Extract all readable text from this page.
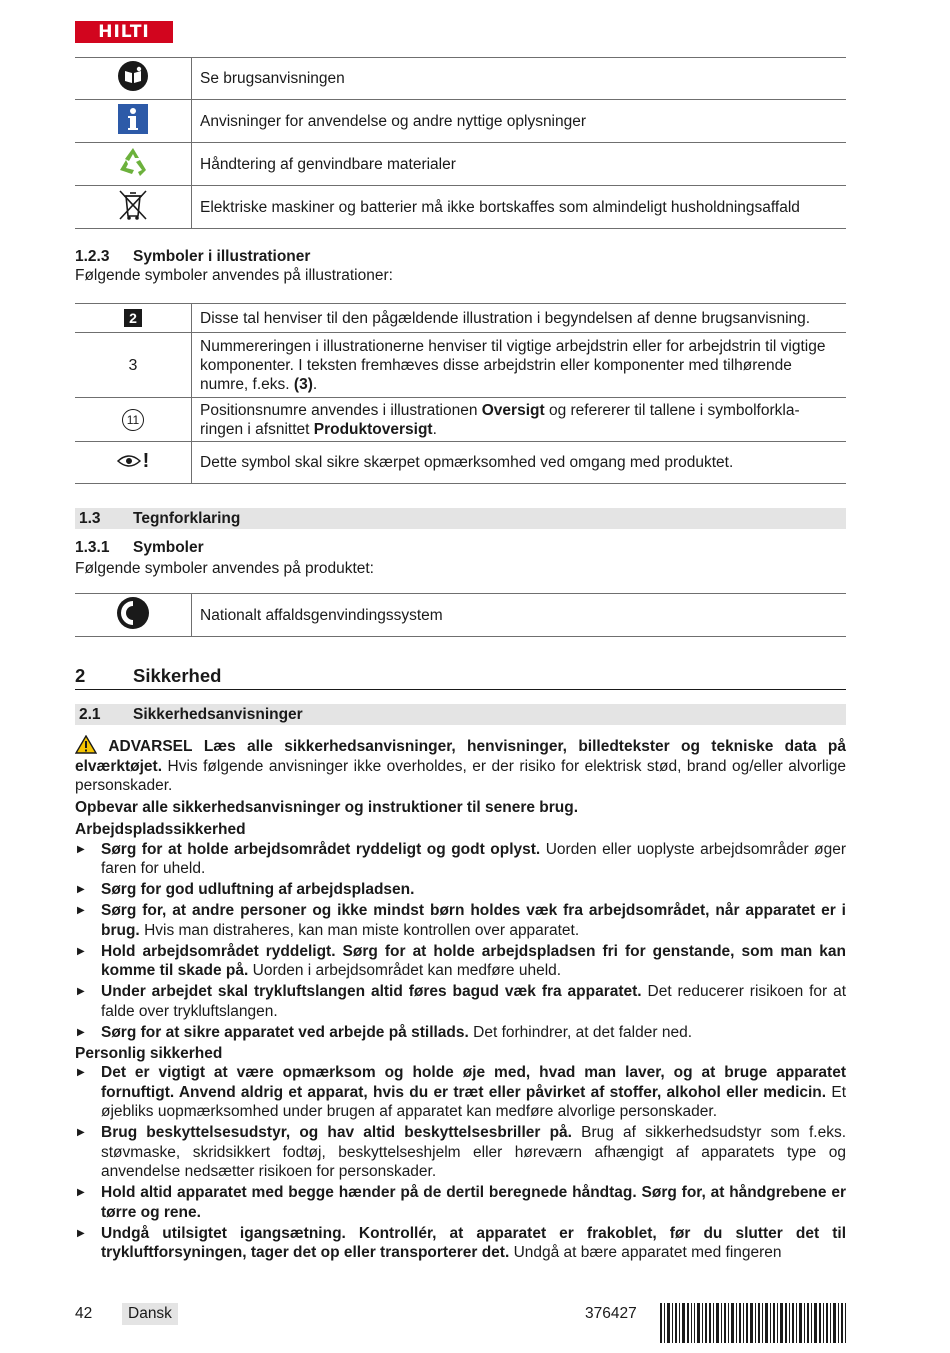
HILTI
	Se brugsanvisningen
	Anvisninger for anvendelse og andre nyttige oplysninger
	Håndtering af genvindbare materialer
	Elektriske maskiner og batterier må ikke bortskaffes som almindeligt husholdningsaffald
1.2.3	Symboler i illustrationer

Følgende symboler anvendes på illustrationer:

2	Disse tal henviser til den pågældende illustration i begyndelsen af denne brugsanvisning.
3	Nummereringen i illustrationerne henviser til vigtige arbejdstrin eller for arbejdstrin til vigtige komponenter. I teksten fremhæves disse arbejdstrin eller komponenter med tilhørende numre, f.eks. (3).
11	Positionsnumre anvendes i illustrationen Oversigt og refererer til tallene i symbolforkla-ringen i afsnittet Produktoversigt.

!	Dette symbol skal sikre skærpet opmærksomhed ved omgang med produktet.
1.3	Tegnforklaring
1.3.1	Symboler

Følgende symboler anvendes på produktet:

	Nationalt affaldsgenvindingssystem
2	Sikkerhed
2.1	Sikkerhedsanvisninger

ADVARSEL Læs alle sikkerhedsanvisninger, henvisninger, billedtekster og tekniske data på elværktøjet. Hvis følgende anvisninger ikke overholdes, er der risiko for elektrisk stød, brand og/eller alvorlige personskader.

Opbevar alle sikkerhedsanvisninger og instruktioner til senere brug.

Arbejdspladssikkerhed

▶ Sørg for at holde arbejdsområdet ryddeligt og godt oplyst. Uorden eller uoplyste arbejdsområder øger faren for uheld.
▶ Sørg for god udluftning af arbejdspladsen.
▶ Sørg for, at andre personer og ikke mindst børn holdes væk fra arbejdsområdet, når apparatet er i brug. Hvis man distraheres, kan man miste kontrollen over apparatet.
▶ Hold arbejdsområdet ryddeligt. Sørg for at holde arbejdspladsen fri for genstande, som man kan komme til skade på. Uorden i arbejdsområdet kan medføre uheld.
▶ Under arbejdet skal trykluftslangen altid føres bagud væk fra apparatet. Det reducerer risikoen for at falde over trykluftslangen.
▶ Sørg for at sikre apparatet ved arbejde på stillads. Det forhindrer, at det falder ned.

Personlig sikkerhed

▶ Det er vigtigt at være opmærksom og holde øje med, hvad man laver, og at bruge apparatet fornuftigt. Anvend aldrig et apparat, hvis du er træt eller påvirket af stoffer, alkohol eller medicin. Et øjebliks uopmærksomhed under brugen af apparatet kan medføre alvorlige personskader.
▶ Brug beskyttelsesudstyr, og hav altid beskyttelsesbriller på. Brug af sikkerhedsudstyr som f.eks. støvmaske, skridsikkert fodtøj, beskyttelseshjelm eller høreværn afhængigt af apparatets type og anvendelse nedsætter risikoen for personskader.
▶ Hold altid apparatet med begge hænder på de dertil beregnede håndtag. Sørg for, at håndgrebene er tørre og rene.
▶ Undgå utilsigtet igangsætning. Kontrollér, at apparatet er frakoblet, før du slutter det til trykluftforsyningen, tager det op eller transporterer det. Undgå at bære apparatet med fingeren
42	Dansk	376427
